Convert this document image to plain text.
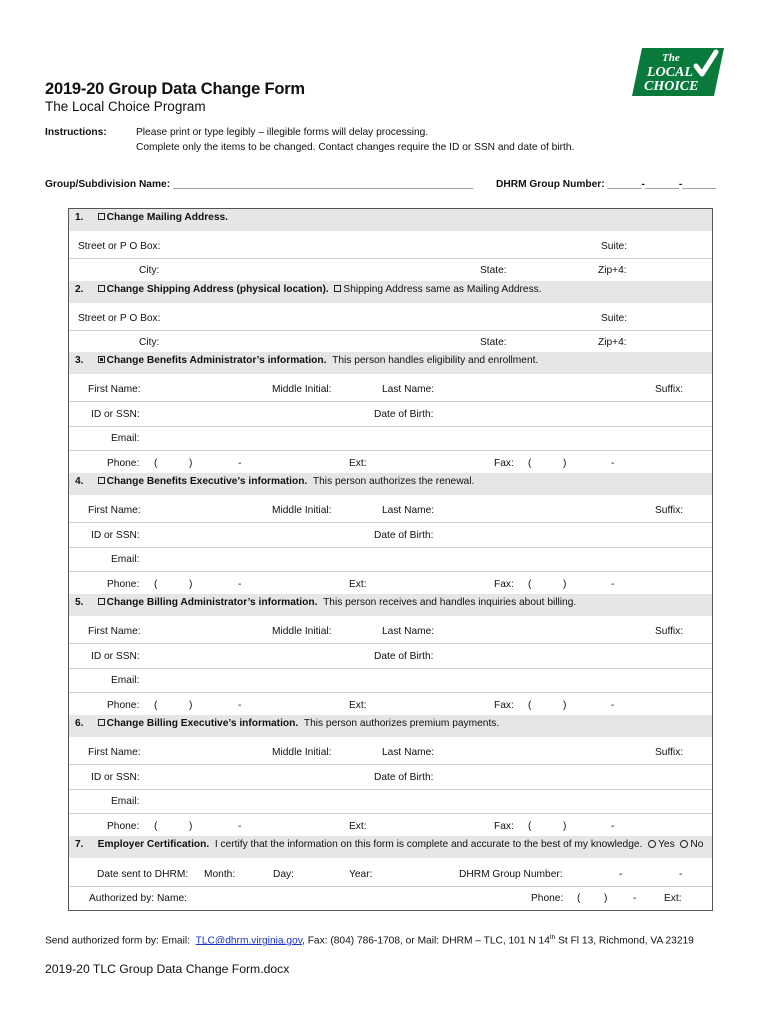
The
LOCAL
CHOICE
2019-20 Group Data Change Form
The Local Choice Program
Instructions:	Please print or type legibly – illegible forms will delay processing.
Complete only the items to be changed. Contact changes require the ID or SSN and date of birth.
Group/Subdivision Name: _____________________________________________________ DHRM Group Number: ______-______-______
1. Change Mailing Address.
Street or P O Box:	Suite:
City:	State:	Zip+4:
2. Change Shipping Address (physical location). Shipping Address same as Mailing Address.
Street or P O Box:	Suite:
City:	State:	Zip+4:
3. Change Benefits Administrator’s information. This person handles eligibility and enrollment.
First Name:	Middle Initial:	Last Name:	Suffix:
ID or SSN:	Date of Birth:
Email:
Phone: (	)	-	Ext:	Fax: (	)	-
4. Change Benefits Executive’s information. This person authorizes the renewal.
First Name:	Middle Initial:	Last Name:	Suffix:
ID or SSN:	Date of Birth:
Email:
Phone: (	)	-	Ext:	Fax: (	)	-
5. Change Billing Administrator’s information. This person receives and handles inquiries about billing.
First Name:	Middle Initial:	Last Name:	Suffix:
ID or SSN:	Date of Birth:
Email:
Phone: (	)	-	Ext:	Fax: (	)	-
6. Change Billing Executive’s information. This person authorizes premium payments.
First Name:	Middle Initial:	Last Name:	Suffix:
ID or SSN:	Date of Birth:
Email:
Phone: (	)	-	Ext:	Fax: (	)	-
7. Employer Certification. I certify that the information on this form is complete and accurate to the best of my knowledge. Yes No
Date sent to DHRM: Month:	Day:	Year:	DHRM Group Number:	-	-
Authorized by: Name:	Phone: ( )	-	Ext:
Send authorized form by: Email: TLC@dhrm.virginia.gov, Fax: (804) 786-1708, or Mail: DHRM – TLC, 101 N 14th St Fl 13, Richmond, VA 23219
2019-20 TLC Group Data Change Form.docx
